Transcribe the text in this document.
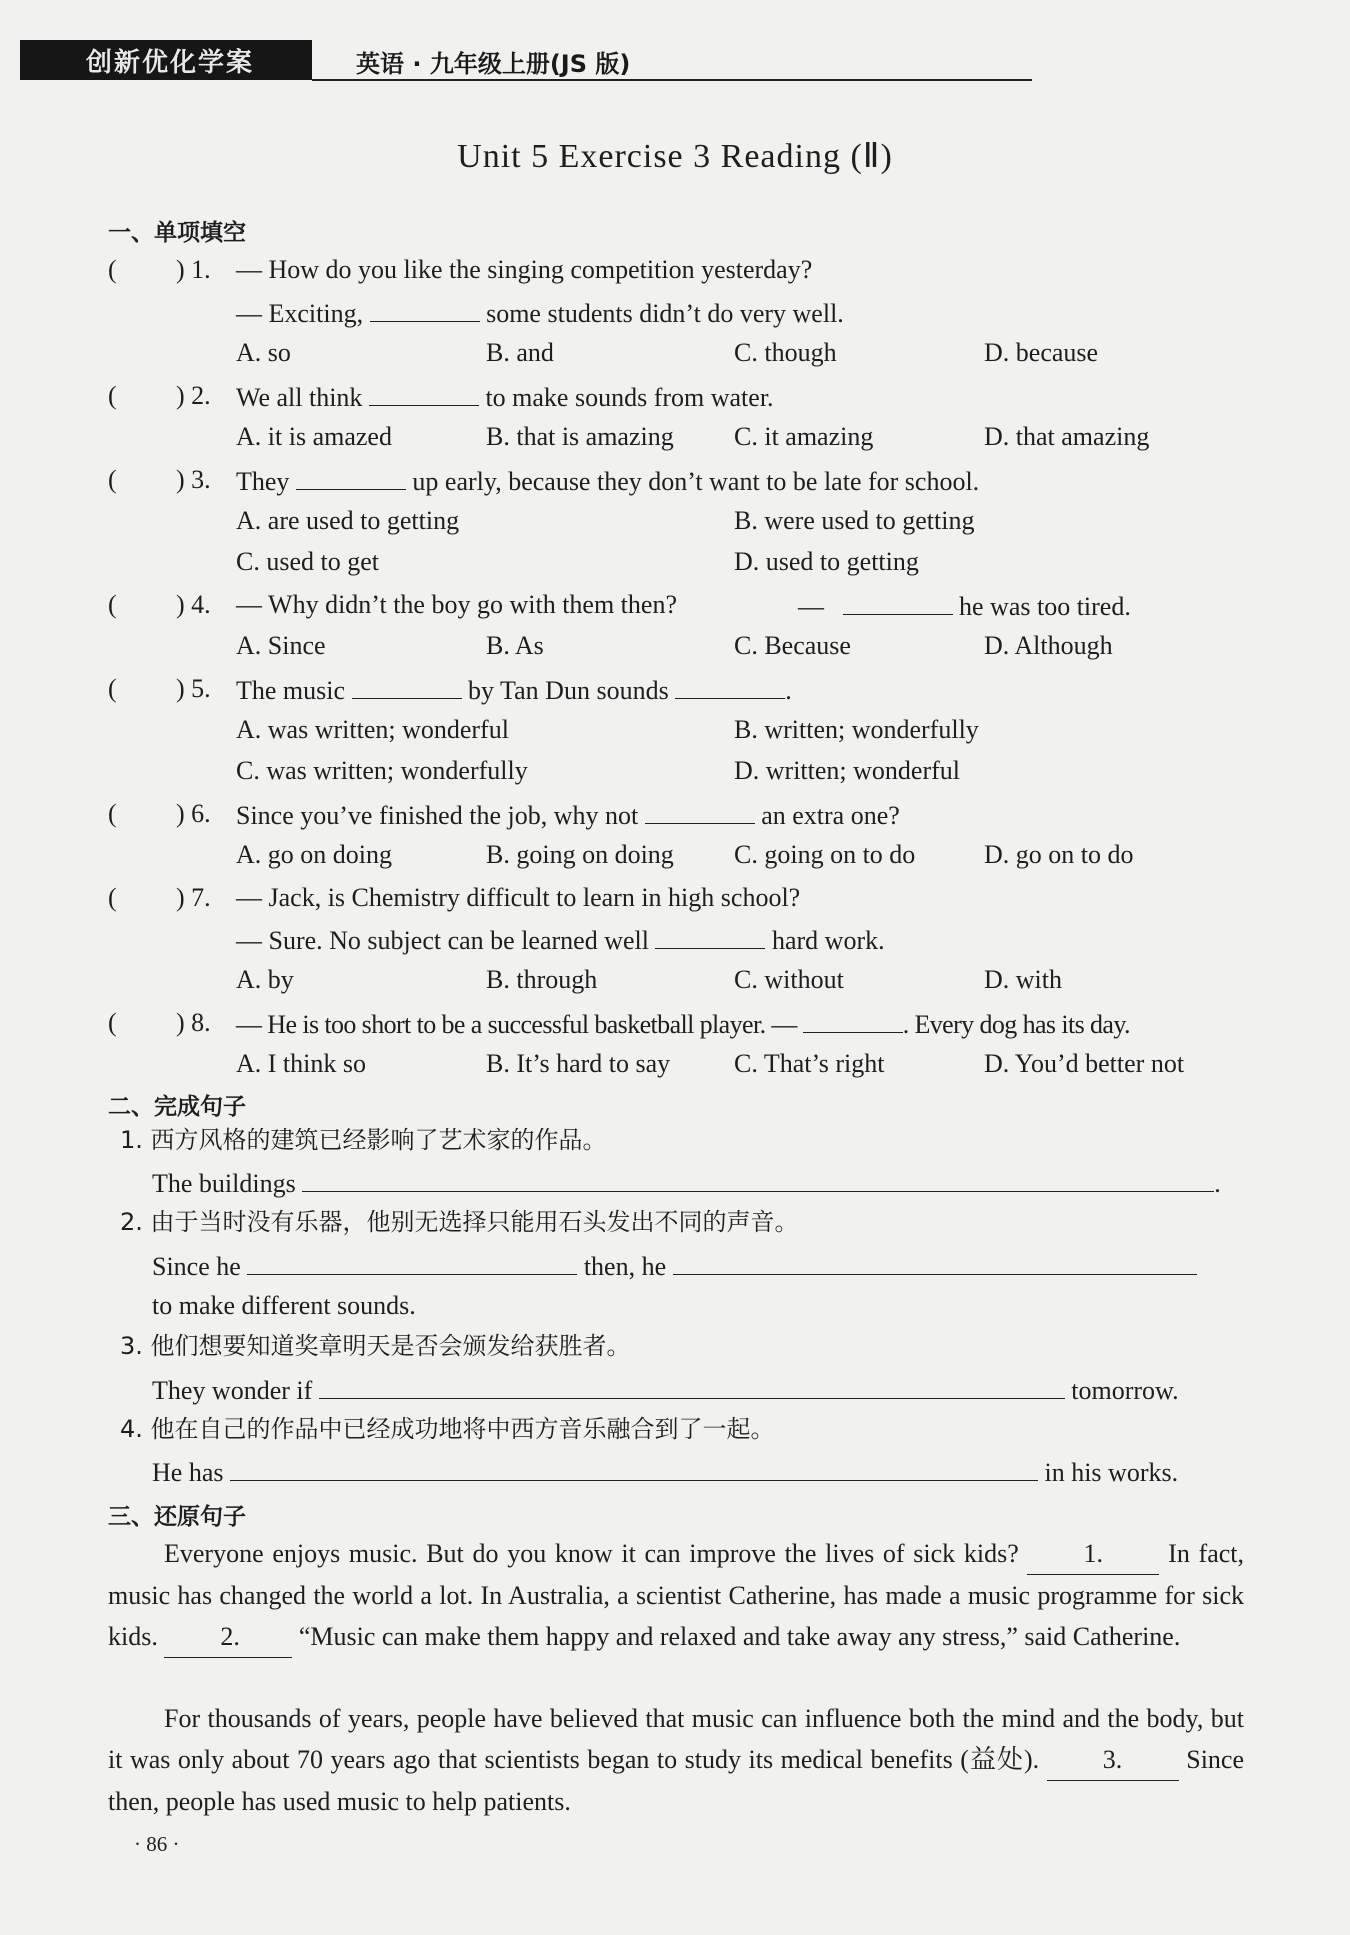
创新优化学案	英语 · 九年级上册(JS 版)
Unit 5 Exercise 3 Reading (Ⅱ)
一、单项填空
( ) 1. — How do you like the singing competition yesterday?
— Exciting,	some students didn’t do very well.
A. so	B. and	C. though	D. because
( ) 2. We all think	to make sounds from water.
A. it is amazed	B. that is amazing C. it amazing	D. that amazing
( ) 3. They	up early, because they don’t want to be late for school.
A. are used to getting	B. were used to getting
C. used to get	D. used to getting
( ) 4. — Why didn’t the boy go with them then?	—	he was too tired.
A. Since	B. As	C. Because	D. Although
( ) 5. The music	by Tan Dun sounds	.
A. was written; wonderful	B. written; wonderfully
C. was written; wonderfully	D. written; wonderful
( ) 6. Since you’ve finished the job, why not	an extra one?
A. go on doing	B. going on doing C. going on to do	D. go on to do
( ) 7. — Jack, is Chemistry difficult to learn in high school?
— Sure. No subject can be learned well	hard work.
A. by	B. through	C. without	D. with
( ) 8. — He is too short to be a successful basketball player. —	. Every dog has its day.
A. I think so	B. It’s hard to say C. That’s right	D. You’d better not
二、完成句子
1. 西方风格的建筑已经影响了艺术家的作品。
The buildings	.
2. 由于当时没有乐器，他别无选择只能用石头发出不同的声音。
Since he	then, he
to make different sounds.
3. 他们想要知道奖章明天是否会颁发给获胜者。
They wonder if	tomorrow.
4. 他在自己的作品中已经成功地将中西方音乐融合到了一起。
He has	in his works.
三、还原句子
Everyone enjoys music. But do you know it can improve the lives of sick kids? 1.	In fact, music has changed the world a lot. In Australia, a scientist Catherine, has made a music programme for sick kids. 2. “Music can make them happy and relaxed and take away any stress,” said Catherine.
For thousands of years, people have believed that music can influence both the mind and the body, but it was only about 70 years ago that scientists began to study its medical benefits (益处). 3. Since then, people has used music to help patients.
· 86 ·
